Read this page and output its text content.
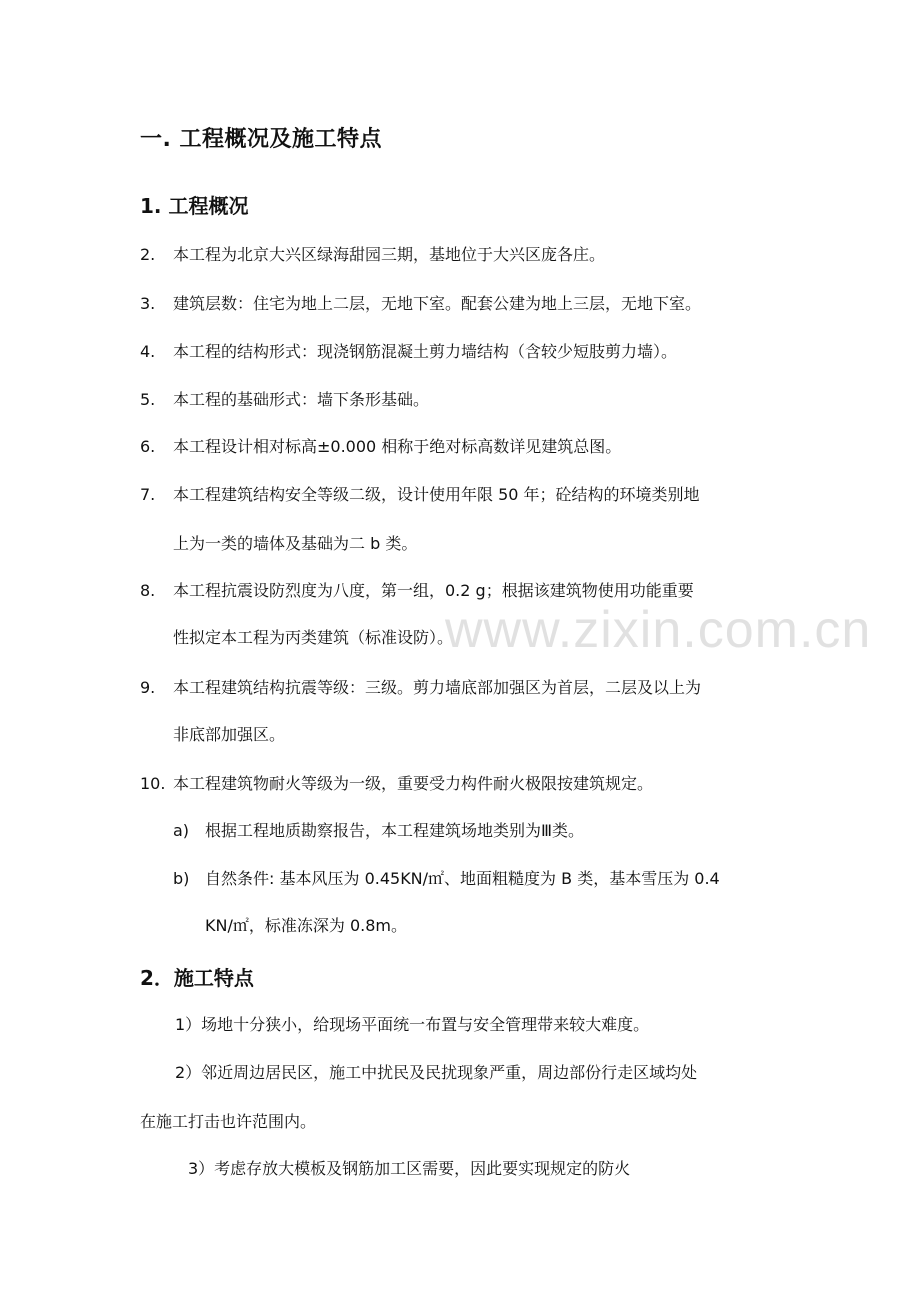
一. 工程概况及施工特点
1. 工程概况
2. 本工程为北京大兴区绿海甜园三期，基地位于大兴区庞各庄。
3. 建筑层数：住宅为地上二层，无地下室。配套公建为地上三层，无地下室。
4. 本工程的结构形式：现浇钢筋混凝土剪力墙结构（含较少短肢剪力墙）。
5. 本工程的基础形式：墙下条形基础。
6. 本工程设计相对标高±0.000 相称于绝对标高数详见建筑总图。
7. 本工程建筑结构安全等级二级，设计使用年限 50 年；砼结构的环境类别地
上为一类的墙体及基础为二 b 类。
8. 本工程抗震设防烈度为八度，第一组，0.2 g；根据该建筑物使用功能重要
性拟定本工程为丙类建筑（标准设防）。
9. 本工程建筑结构抗震等级：三级。剪力墙底部加强区为首层，二层及以上为
非底部加强区。
10. 本工程建筑物耐火等级为一级，重要受力构件耐火极限按建筑规定。
a) 根据工程地质勘察报告，本工程建筑场地类别为Ⅲ类。
b) 自然条件: 基本风压为 0.45KN/㎡、地面粗糙度为 B 类，基本雪压为 0.4
KN/㎡，标准冻深为 0.8m。
2．施工特点
1）场地十分狭小，给现场平面统一布置与安全管理带来较大难度。
2）邻近周边居民区，施工中扰民及民扰现象严重，周边部份行走区域均处
在施工打击也许范围内。
3）考虑存放大模板及钢筋加工区需要，因此要实现规定的防火
www.zixin.com.cn
